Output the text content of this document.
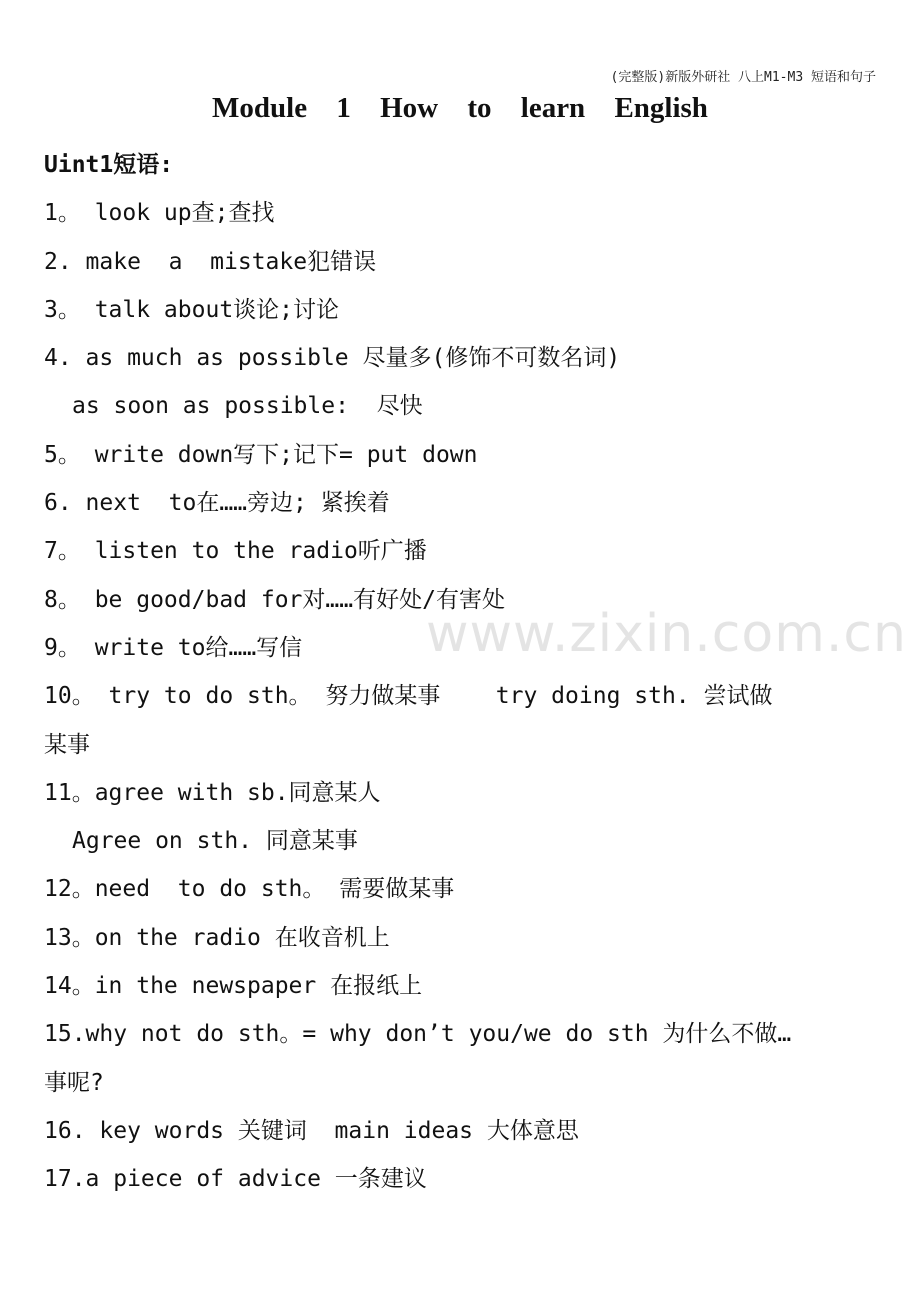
(完整版)新版外研社 八上M1-M3 短语和句子
Module 1 How to learn English
Uint1短语:
1。 look up查;查找
2. make  a  mistake犯错误
3。 talk about谈论;讨论
4. as much as possible 尽量多(修饰不可数名词)
as soon as possible:  尽快
5。 write down写下;记下= put down
6. next  to在……旁边; 紧挨着
7。 listen to the radio听广播
8。 be good/bad for对……有好处/有害处
9。 write to给……写信
10。 try to do sth。 努力做某事    try doing sth. 尝试做
某事
11。agree with sb.同意某人
Agree on sth. 同意某事
12。need  to do sth。 需要做某事
13。on the radio 在收音机上
14。in the newspaper 在报纸上
15.why not do sth。= why don’t you/we do sth 为什么不做…
事呢?
16. key words 关键词  main ideas 大体意思
17.a piece of advice 一条建议
www.zixin.com.cn
